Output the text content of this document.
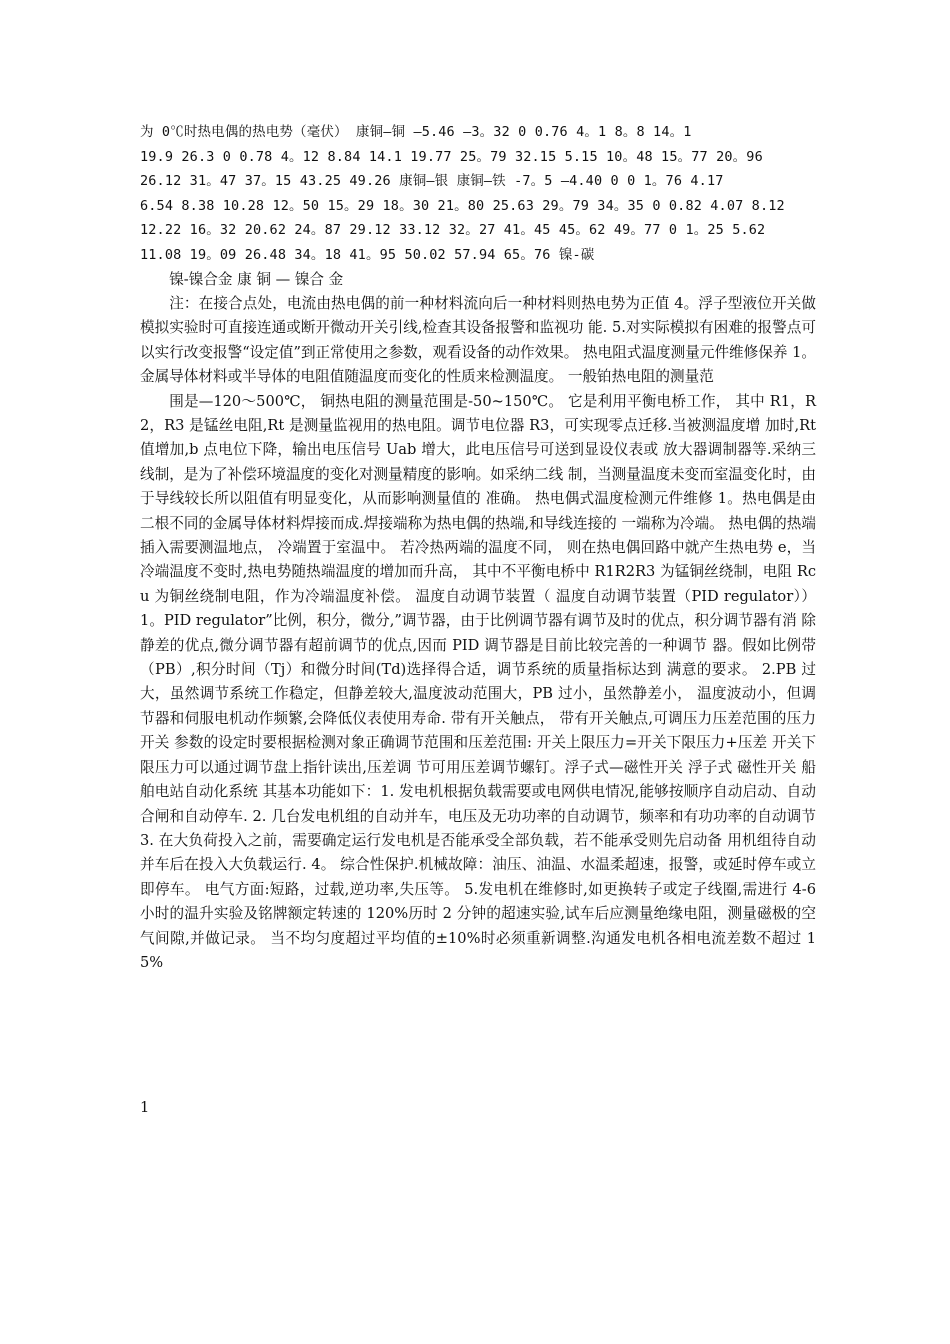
为 0℃时热电偶的热电势（毫伏） 康铜—铜 —5.46 —3。32 0 0.76 4。1 8。8 14。1
19.9 26.3 0 0.78 4。12 8.84 14.1 19.77 25。79 32.15 5.15 10。48 15。77 20。96
26.12 31。47 37。15 43.25 49.26 康铜—银 康铜—铁 -7。5 —4.40 0 0 1。76 4.17
6.54 8.38 10.28 12。50 15。29 18。30 21。80 25.63 29。79 34。35 0 0.82 4.07 8.12
12.22 16。32 20.62 24。87 29.12 33.12 32。27 41。45 45。62 49。77 0 1。25 5.62
11.08 19。09 26.48 34。18 41。95 50.02 57.94 65。76 镍-碳

镍-镍合金 康 铜 — 镍合 金

注：在接合点处，电流由热电偶的前一种材料流向后一种材料则热电势为正值 4。浮子型液位开关做模拟实验时可直接连通或断开微动开关引线,检查其设备报警和监视功 能. 5.对实际模拟有困难的报警点可以实行改变报警“设定值”到正常使用之参数，观看设备的动作效果。 热电阻式温度测量元件维修保养 1。金属导体材料或半导体的电阻值随温度而变化的性质来检测温度。 一般铂热电阻的测量范

围是—120～500℃， 铜热电阻的测量范围是-50~150℃。 它是利用平衡电桥工作， 其中 R1，R2，R3 是锰丝电阻,Rt 是测量监视用的热电阻。调节电位器 R3，可实现零点迁移.当被测温度增 加时,Rt 值增加,b 点电位下降，输出电压信号 Uab 增大，此电压信号可送到显设仪表或 放大器调制器等.采纳三线制，是为了补偿环境温度的变化对测量精度的影响。如采纳二线 制，当测量温度未变而室温变化时，由于导线较长所以阻值有明显变化，从而影响测量值的 准确。 热电偶式温度检测元件维修 1。热电偶是由二根不同的金属导体材料焊接而成.焊接端称为热电偶的热端,和导线连接的 一端称为冷端。 热电偶的热端插入需要测温地点， 冷端置于室温中。 若冷热两端的温度不同， 则在热电偶回路中就产生热电势 e，当冷端温度不变时,热电势随热端温度的增加而升高， 其中不平衡电桥中 R1R2R3 为锰铜丝绕制，电阻 Rcu 为铜丝绕制电阻，作为冷端温度补偿。 温度自动调节装置（ 温度自动调节装置（PID regulator））1。PID regulator”比例，积分，微分,”调节器，由于比例调节器有调节及时的优点，积分调节器有消 除静差的优点,微分调节器有超前调节的优点,因而 PID 调节器是目前比较完善的一种调节 器。假如比例带（PB）,积分时间（Tj）和微分时间(Td)选择得合适，调节系统的质量指标达到 满意的要求。 2.PB 过大，虽然调节系统工作稳定，但静差较大,温度波动范围大，PB 过小，虽然静差小， 温度波动小，但调节器和伺服电机动作频繁,会降低仪表使用寿命. 带有开关触点， 带有开关触点,可调压力压差范围的压力开关 参数的设定时要根据检测对象正确调节范围和压差范围: 开关上限压力=开关下限压力+压差 开关下限压力可以通过调节盘上指针读出,压差调 节可用压差调节螺钉。浮子式—磁性开关 浮子式 磁性开关 船舶电站自动化系统 其基本功能如下：1. 发电机根据负载需要或电网供电情况,能够按顺序自动启动、自动合闸和自动停车. 2. 几台发电机组的自动并车，电压及无功功率的自动调节，频率和有功功率的自动调节 3. 在大负荷投入之前，需要确定运行发电机是否能承受全部负载，若不能承受则先启动备 用机组待自动并车后在投入大负载运行. 4。 综合性保护.机械故障：油压、油温、水温柔超速，报警，或延时停车或立即停车。 电气方面:短路，过载,逆功率,失压等。 5.发电机在维修时,如更换转子或定子线圈,需进行 4-6 小时的温升实验及铭牌额定转速的 120%历时 2 分钟的超速实验,试车后应测量绝缘电阻，测量磁极的空气间隙,并做记录。 当不均匀度超过平均值的±10%时必须重新调整.沟通发电机各相电流差数不超过 15%

1
